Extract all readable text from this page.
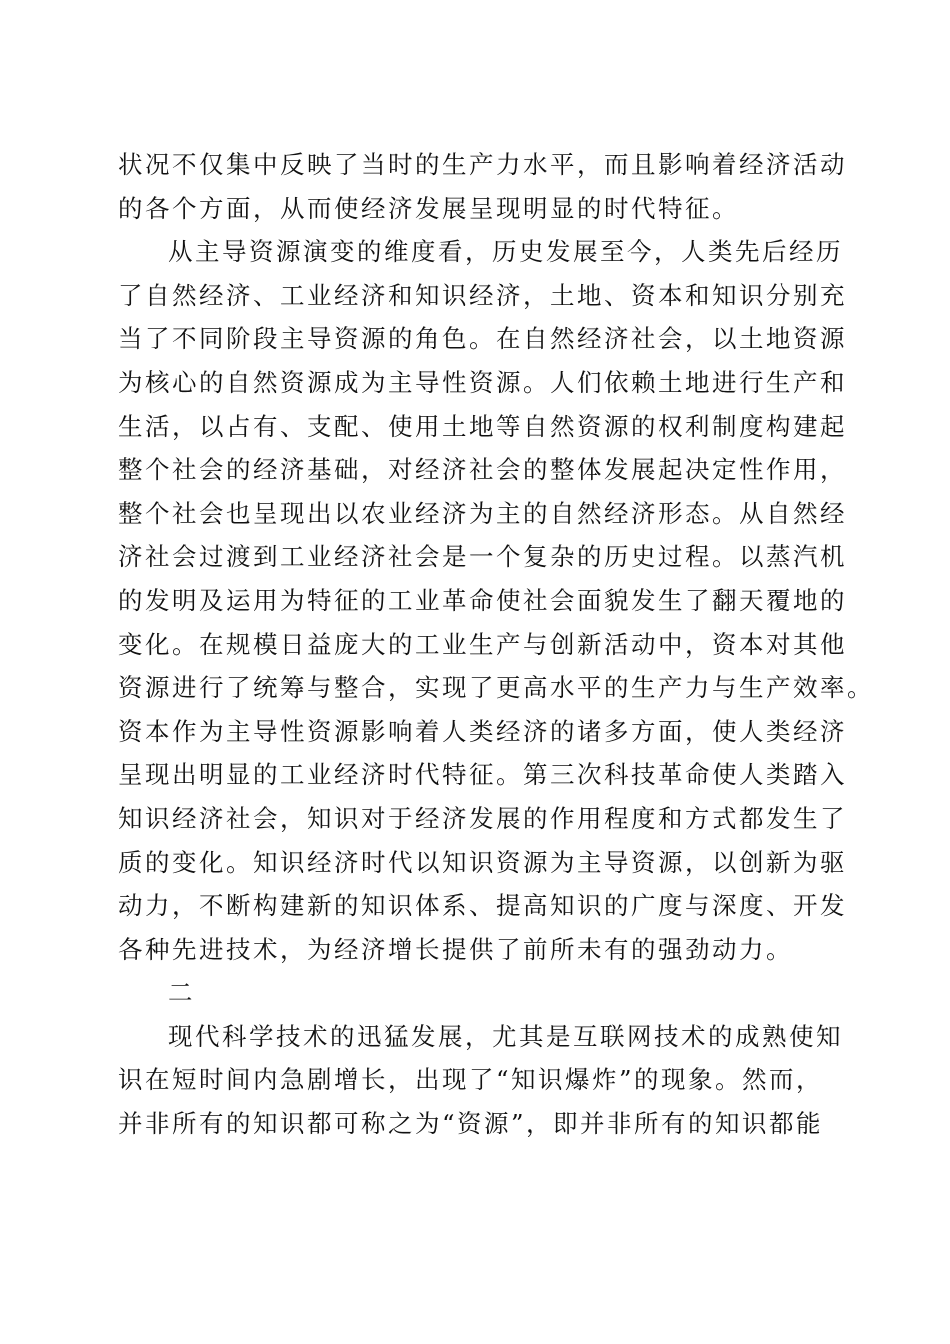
状况不仅集中反映了当时的生产力水平，而且影响着经济活动
的各个方面，从而使经济发展呈现明显的时代特征。
从主导资源演变的维度看，历史发展至今，人类先后经历
了自然经济、工业经济和知识经济，土地、资本和知识分别充
当了不同阶段主导资源的角色。在自然经济社会，以土地资源
为核心的自然资源成为主导性资源。人们依赖土地进行生产和
生活，以占有、支配、使用土地等自然资源的权利制度构建起
整个社会的经济基础，对经济社会的整体发展起决定性作用，
整个社会也呈现出以农业经济为主的自然经济形态。从自然经
济社会过渡到工业经济社会是一个复杂的历史过程。以蒸汽机
的发明及运用为特征的工业革命使社会面貌发生了翻天覆地的
变化。在规模日益庞大的工业生产与创新活动中，资本对其他
资源进行了统筹与整合，实现了更高水平的生产力与生产效率。
资本作为主导性资源影响着人类经济的诸多方面，使人类经济
呈现出明显的工业经济时代特征。第三次科技革命使人类踏入
知识经济社会，知识对于经济发展的作用程度和方式都发生了
质的变化。知识经济时代以知识资源为主导资源，以创新为驱
动力，不断构建新的知识体系、提高知识的广度与深度、开发
各种先进技术，为经济增长提供了前所未有的强劲动力。
二
现代科学技术的迅猛发展，尤其是互联网技术的成熟使知
识在短时间内急剧增长，出现了“知识爆炸”的现象。然而，
并非所有的知识都可称之为“资源”，即并非所有的知识都能
